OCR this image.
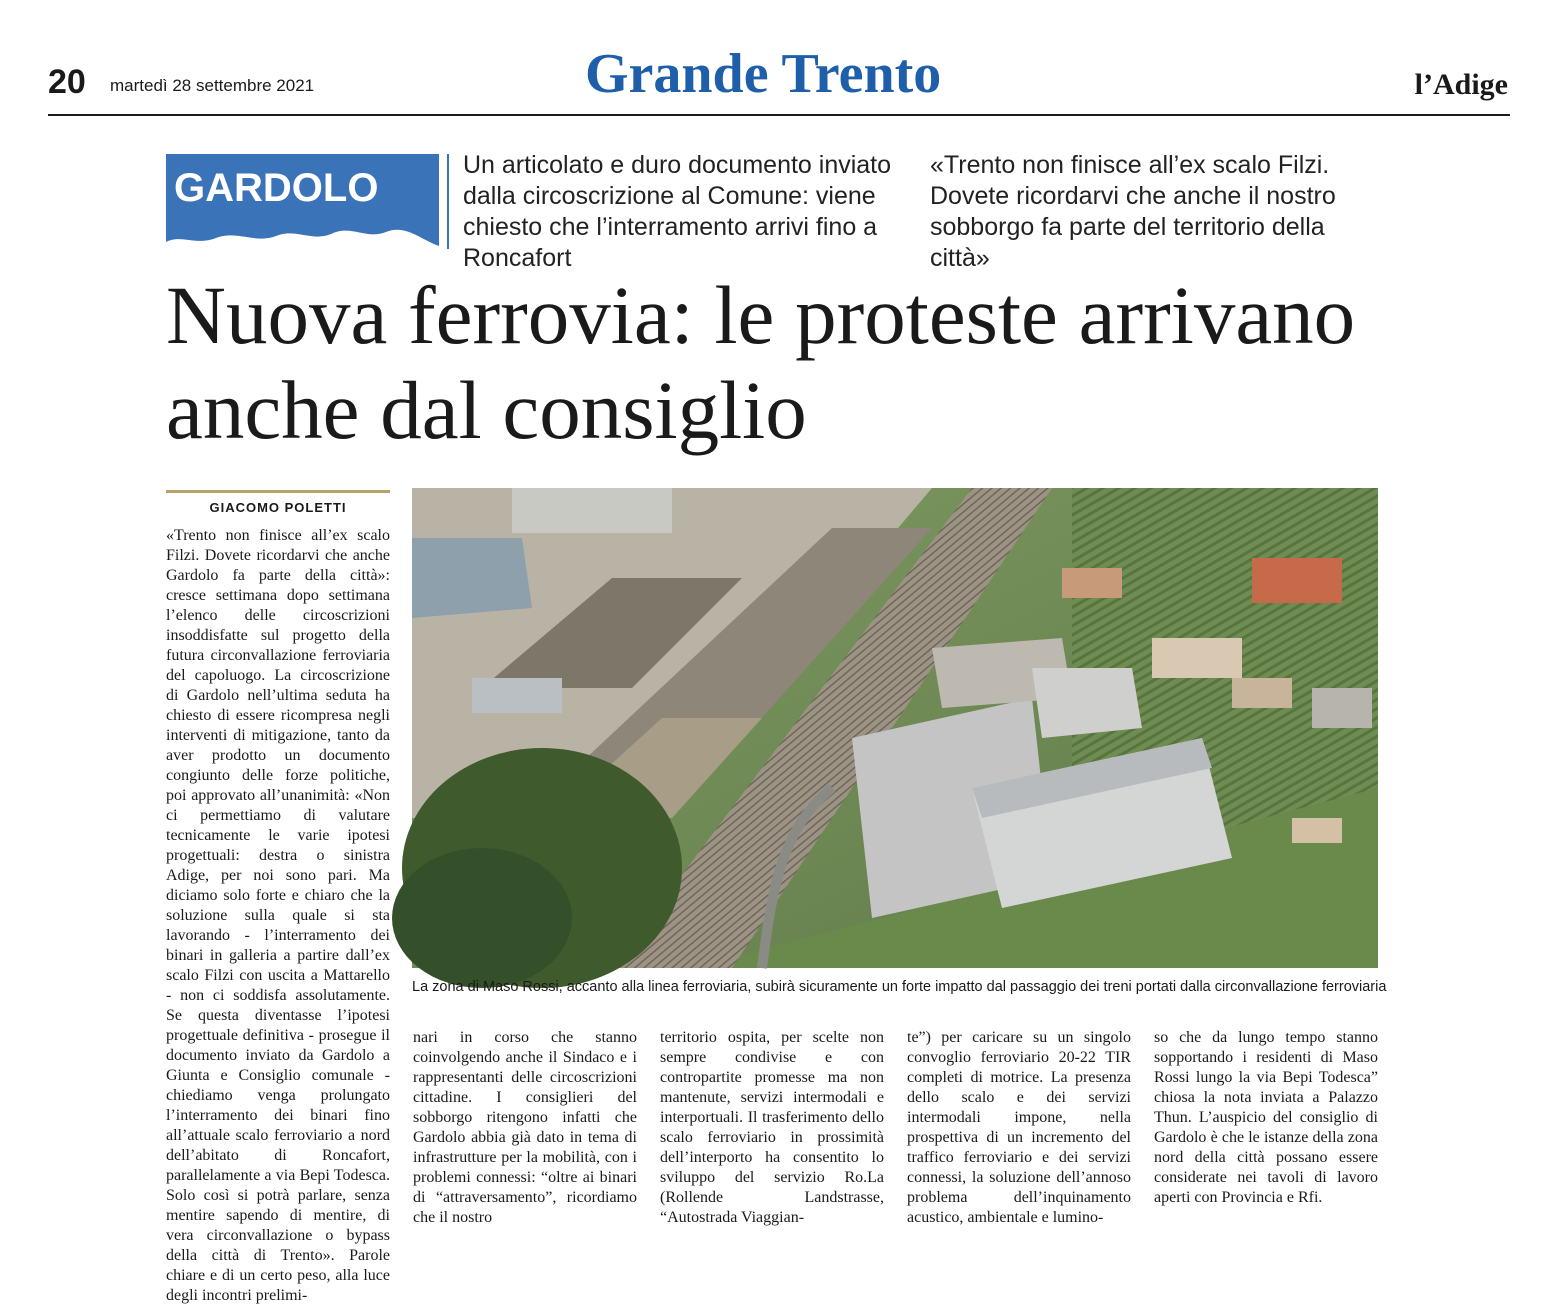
20 martedì 28 settembre 2021	Grande Trento	l’Adige
GARDOLO
Un articolato e duro documento inviato dalla circoscrizione al Comune: viene chiesto che l’interramento arrivi fino a Roncafort
«Trento non finisce all’ex scalo Filzi. Dovete ricordarvi che anche il nostro sobborgo fa parte del territorio della città»
Nuova ferrovia: le proteste arrivano anche dal consiglio
GIACOMO POLETTI
«Trento non finisce all’ex scalo Filzi. Dovete ricordarvi che anche Gardolo fa parte della città»: cresce settimana dopo settimana l’elenco delle circoscrizioni insoddisfatte sul progetto della futura circonvallazione ferroviaria del capoluogo. La circoscrizione di Gardolo nell’ultima seduta ha chiesto di essere ricompresa negli interventi di mitigazione, tanto da aver prodotto un documento congiunto delle forze politiche, poi approvato all’unanimità: «Non ci permettiamo di valutare tecnicamente le varie ipotesi progettuali: destra o sinistra Adige, per noi sono pari. Ma diciamo solo forte e chiaro che la soluzione sulla quale si sta lavorando - l’interramento dei binari in galleria a partire dall’ex scalo Filzi con uscita a Mattarello - non ci soddisfa assolutamente. Se questa diventasse l’ipotesi progettuale definitiva - prosegue il documento inviato da Gardolo a Giunta e Consiglio comunale - chiediamo venga prolungato l’interramento dei binari fino all’attuale scalo ferroviario a nord dell’abitato di Roncafort, parallelamente a via Bepi Todesca. Solo così si potrà parlare, senza mentire sapendo di mentire, di vera circonvallazione o bypass della città di Trento». Parole chiare e di un certo peso, alla luce degli incontri prelimi-
nari in corso che stanno coinvolgendo anche il Sindaco e i rappresentanti delle circoscrizioni cittadine. I consiglieri del sobborgo ritengono infatti che Gardolo abbia già dato in tema di infrastrutture per la mobilità, con i problemi connessi: “oltre ai binari di “attraversamento”, ricordiamo che il nostro
territorio ospita, per scelte non sempre condivise e con contropartite promesse ma non mantenute, servizi intermodali e interportuali. Il trasferimento dello scalo ferroviario in prossimità dell’interporto ha consentito lo sviluppo del servizio Ro.La (Rollende Landstrasse, “Autostrada Viaggian-
te”) per caricare su un singolo convoglio ferroviario 20-22 TIR completi di motrice. La presenza dello scalo e dei servizi intermodali impone, nella prospettiva di un incremento del traffico ferroviario e dei servizi connessi, la soluzione dell’annoso problema dell’inquinamento acustico, ambientale e lumino-
so che da lungo tempo stanno sopportando i residenti di Maso Rossi lungo la via Bepi Todesca” chiosa la nota inviata a Palazzo Thun. L’auspicio del consiglio di Gardolo è che le istanze della zona nord della città possano essere considerate nei tavoli di lavoro aperti con Provincia e Rfi.
La zona di Maso Rossi, accanto alla linea ferroviaria, subirà sicuramente un forte impatto dal passaggio dei treni portati dalla circonvallazione ferroviaria
